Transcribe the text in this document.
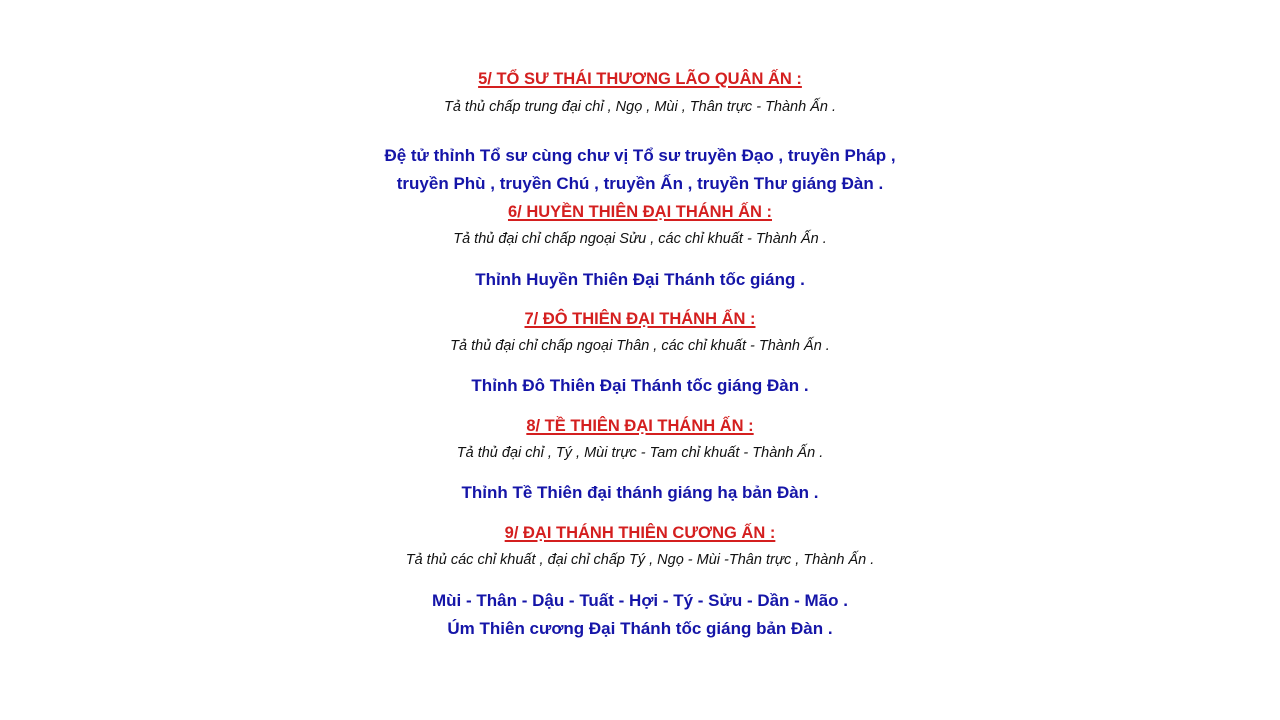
5/ TỔ SƯ THÁI THƯƠNG LÃO QUÂN ẤN :
Tả thủ chấp trung đại chỉ , Ngọ , Mùi , Thân trực - Thành Ấn .
Đệ tử thỉnh Tổ sư cùng chư vị Tổ sư truyền Đạo , truyền Pháp ,
truyền Phù , truyền Chú , truyền Ấn , truyền Thư giáng Đàn .
6/ HUYỀN THIÊN ĐẠI THÁNH ẤN :
Tả thủ đại chỉ chấp ngoại Sửu , các chỉ khuất - Thành Ấn .
Thỉnh Huyền Thiên Đại Thánh tốc giáng .
7/ ĐÔ THIÊN ĐẠI THÁNH ẤN :
Tả thủ đại chỉ chấp ngoại Thân , các chỉ khuất - Thành Ấn .
Thỉnh Đô Thiên Đại Thánh tốc giáng Đàn .
8/ TỀ THIÊN ĐẠI THÁNH ẤN :
Tả thủ đại chỉ , Tý , Mùi trực - Tam chỉ khuất - Thành Ấn .
Thỉnh Tề Thiên đại thánh giáng hạ bản Đàn .
9/ ĐẠI THÁNH THIÊN CƯƠNG ẤN :
Tả thủ các chỉ khuất , đại chỉ chấp Tý , Ngọ - Mùi -Thân trực , Thành Ấn .
Mùi - Thân - Dậu - Tuất - Hợi - Tý - Sửu - Dần - Mão .
Úm Thiên cương Đại Thánh tốc giáng bản Đàn .
